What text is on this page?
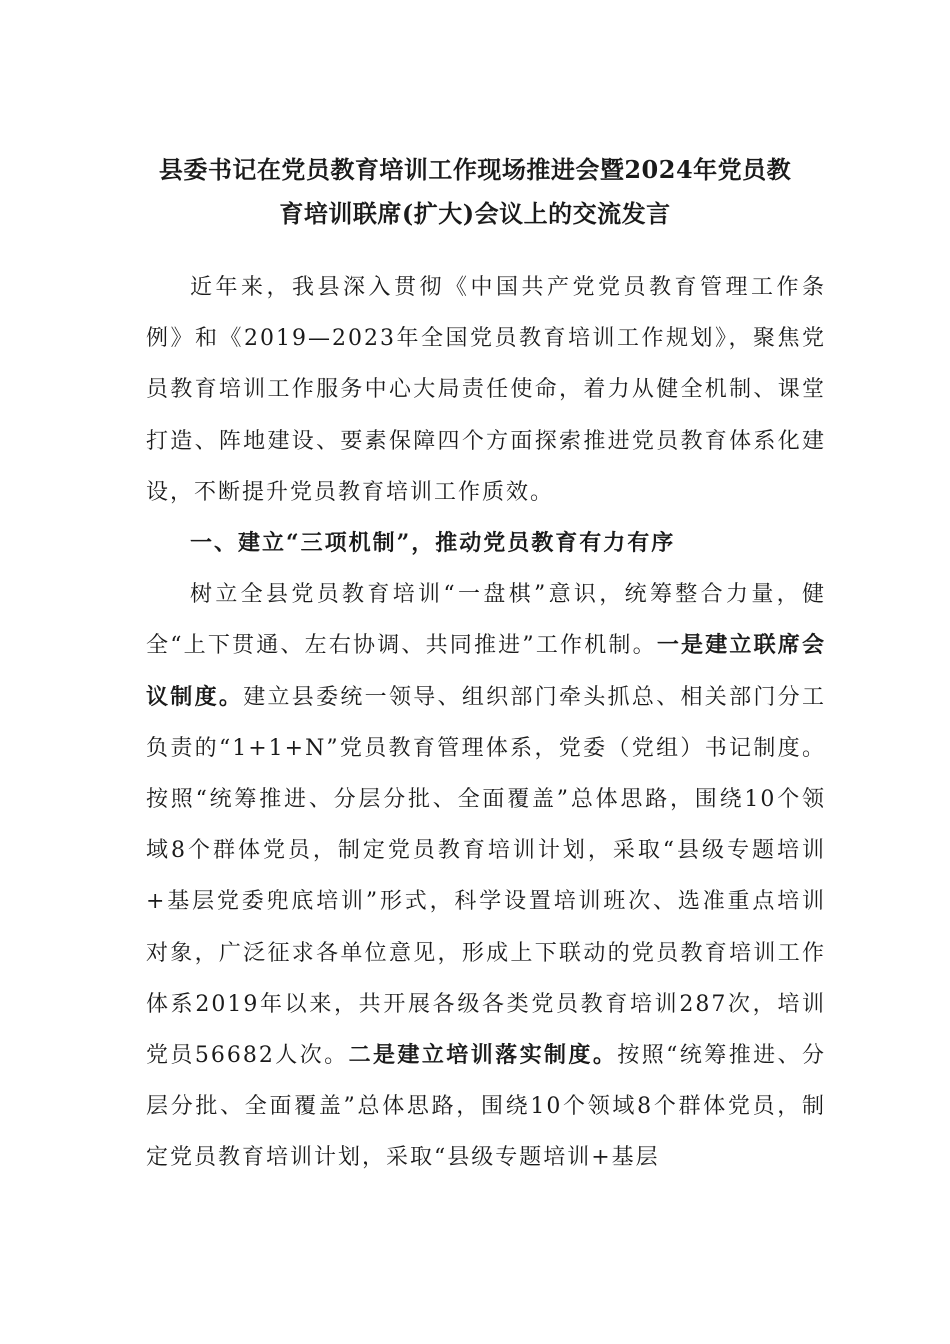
县委书记在党员教育培训工作现场推进会暨2024年党员教
育培训联席(扩大)会议上的交流发言

近年来，我县深入贯彻《中国共产党党员教育管理工作条例》和《2019—2023年全国党员教育培训工作规划》，聚焦党员教育培训工作服务中心大局责任使命，着力从健全机制、课堂打造、阵地建设、要素保障四个方面探索推进党员教育体系化建设，不断提升党员教育培训工作质效。

一、建立“三项机制”，推动党员教育有力有序

树立全县党员教育培训“一盘棋”意识，统筹整合力量，健全“上下贯通、左右协调、共同推进”工作机制。一是建立联席会议制度。建立县委统一领导、组织部门牵头抓总、相关部门分工负责的“1+1+N”党员教育管理体系，党委（党组）书记制度。按照“统筹推进、分层分批、全面覆盖”总体思路，围绕10个领域8个群体党员，制定党员教育培训计划，采取“县级专题培训+基层党委兜底培训”形式，科学设置培训班次、选准重点培训对象，广泛征求各单位意见，形成上下联动的党员教育培训工作体系2019年以来，共开展各级各类党员教育培训287次，培训党员56682人次。二是建立培训落实制度。按照“统筹推进、分层分批、全面覆盖”总体思路，围绕10个领域8个群体党员，制定党员教育培训计划，采取“县级专题培训+基层
